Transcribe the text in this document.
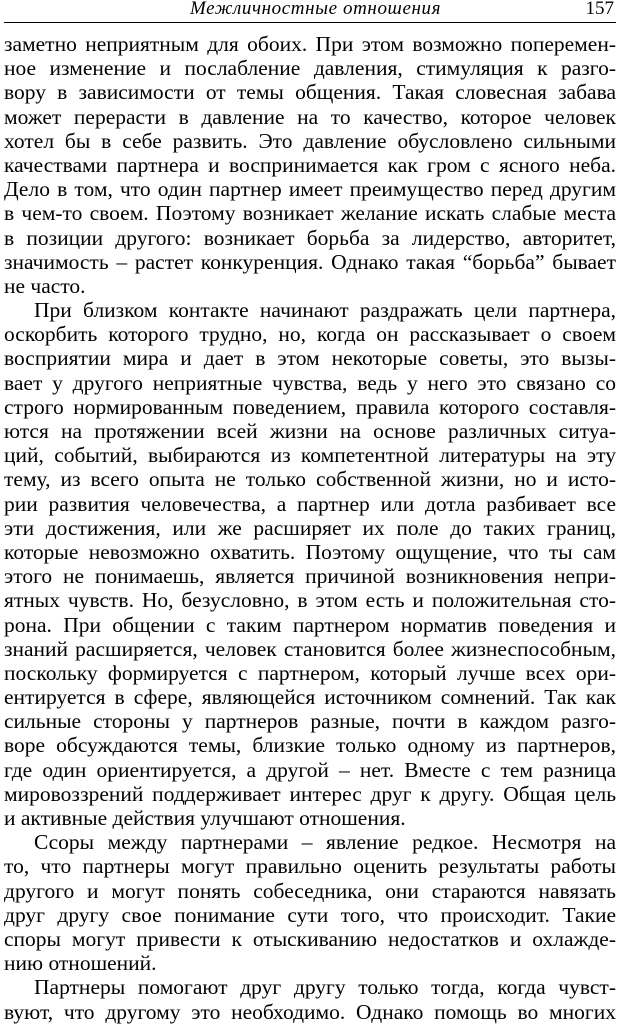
Межличностные отношения	157
заметно неприятным для обоих. При этом возможно поперемен-
ное изменение и послабление давления, стимуляция к разго-
вору в зависимости от темы общения. Такая словесная забава
может перерасти в давление на то качество, которое человек
хотел бы в себе развить. Это давление обусловлено сильными
качествами партнера и воспринимается как гром с ясного неба.
Дело в том, что один партнер имеет преимущество перед другим
в чем-то своем. Поэтому возникает желание искать слабые места
в позиции другого: возникает борьба за лидерство, авторитет,
значимость – растет конкуренция. Однако такая “борьба” бывает
не часто.
При близком контакте начинают раздражать цели партнера,
оскорбить которого трудно, но, когда он рассказывает о своем
восприятии мира и дает в этом некоторые советы, это вызы-
вает у другого неприятные чувства, ведь у него это связано со
строго нормированным поведением, правила которого составля-
ются на протяжении всей жизни на основе различных ситуа-
ций, событий, выбираются из компетентной литературы на эту
тему, из всего опыта не только собственной жизни, но и исто-
рии развития человечества, а партнер или дотла разбивает все
эти достижения, или же расширяет их поле до таких границ,
которые невозможно охватить. Поэтому ощущение, что ты сам
этого не понимаешь, является причиной возникновения непри-
ятных чувств. Но, безусловно, в этом есть и положительная сто-
рона. При общении с таким партнером норматив поведения и
знаний расширяется, человек становится более жизнеспособным,
поскольку формируется с партнером, который лучше всех ори-
ентируется в сфере, являющейся источником сомнений. Так как
сильные стороны у партнеров разные, почти в каждом разго-
воре обсуждаются темы, близкие только одному из партнеров,
где один ориентируется, а другой – нет. Вместе с тем разница
мировоззрений поддерживает интерес друг к другу. Общая цель
и активные действия улучшают отношения.
Ссоры между партнерами – явление редкое. Несмотря на
то, что партнеры могут правильно оценить результаты работы
другого и могут понять собеседника, они стараются навязать
друг другу свое понимание сути того, что происходит. Такие
споры могут привести к отыскиванию недостатков и охлажде-
нию отношений.
Партнеры помогают друг другу только тогда, когда чувст-
вуют, что другому это необходимо. Однако помощь во многих
